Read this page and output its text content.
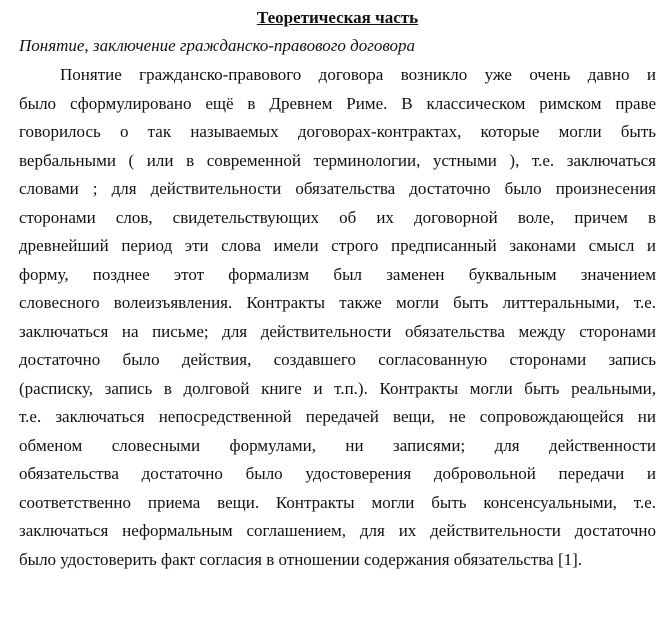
Теоретическая часть

Понятие, заключение гражданско-правового договора

Понятие гражданско-правового договора возникло уже очень давно и
было сформулировано ещё в Древнем Риме. В классическом римском праве
говорилось о так называемых договорах-контрактах, которые могли быть
вербальными ( или в современной терминологии, устными ), т.е. заключаться
словами ; для действительности обязательства достаточно было произнесения
сторонами слов, свидетельствующих об их договорной воле, причем в
древнейший период эти слова имели строго предписанный законами смысл и
форму, позднее этот формализм был заменен буквальным значением
словесного волеизъявления. Контракты также могли быть литтеральными, т.е.
заключаться на письме; для действительности обязательства между сторонами
достаточно было действия, создавшего согласованную сторонами запись
(расписку, запись в долговой книге и т.п.). Контракты могли быть реальными,
т.е. заключаться непосредственной передачей вещи, не сопровождающейся ни
обменом словесными формулами, ни записями; для действенности
обязательства достаточно было удостоверения добровольной передачи и
соответственно приема вещи. Контракты могли быть консенсуальными, т.е.
заключаться неформальным соглашением, для их действительности достаточно
было удостоверить факт согласия в отношении содержания обязательства [1].
